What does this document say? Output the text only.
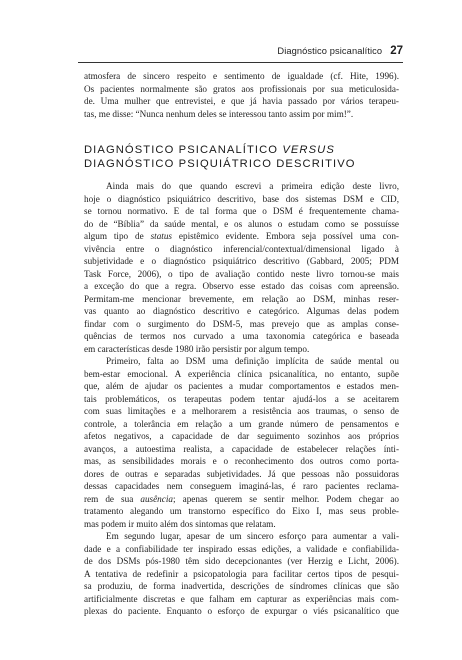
Diagnóstico psicanalítico 27
atmosfera de sincero respeito e sentimento de igualdade (cf. Hite, 1996).
Os pacientes normalmente são gratos aos profissionais por sua meticulosida-
de. Uma mulher que entrevistei, e que já havia passado por vários terapeu-
tas, me disse: “Nunca nenhum deles se interessou tanto assim por mim!”.
DIAGNÓSTICO PSICANALÍTICO VERSUS
DIAGNÓSTICO PSIQUIÁTRICO DESCRITIVO
Ainda mais do que quando escrevi a primeira edição deste livro,
hoje o diagnóstico psiquiátrico descritivo, base dos sistemas DSM e CID,
se tornou normativo. E de tal forma que o DSM é frequentemente chama-
do de “Bíblia” da saúde mental, e os alunos o estudam como se possuísse
algum tipo de status epistêmico evidente. Embora seja possível uma con-
vivência entre o diagnóstico inferencial/contextual/dimensional ligado à
subjetividade e o diagnóstico psiquiátrico descritivo (Gabbard, 2005; PDM
Task Force, 2006), o tipo de avaliação contido neste livro tornou-se mais
a exceção do que a regra. Observo esse estado das coisas com apreensão.
Permitam-me mencionar brevemente, em relação ao DSM, minhas reser-
vas quanto ao diagnóstico descritivo e categórico. Algumas delas podem
findar com o surgimento do DSM-5, mas prevejo que as amplas conse-
quências de termos nos curvado a uma taxonomia categórica e baseada
em características desde 1980 irão persistir por algum tempo.
Primeiro, falta ao DSM uma definição implícita de saúde mental ou
bem-estar emocional. A experiência clínica psicanalítica, no entanto, supõe
que, além de ajudar os pacientes a mudar comportamentos e estados men-
tais problemáticos, os terapeutas podem tentar ajudá-los a se aceitarem
com suas limitações e a melhorarem a resistência aos traumas, o senso de
controle, a tolerância em relação a um grande número de pensamentos e
afetos negativos, a capacidade de dar seguimento sozinhos aos próprios
avanços, a autoestima realista, a capacidade de estabelecer relações ínti-
mas, as sensibilidades morais e o reconhecimento dos outros como porta-
dores de outras e separadas subjetividades. Já que pessoas não possuidoras
dessas capacidades nem conseguem imaginá-las, é raro pacientes reclama-
rem de sua ausência; apenas querem se sentir melhor. Podem chegar ao
tratamento alegando um transtorno específico do Eixo I, mas seus proble-
mas podem ir muito além dos sintomas que relatam.
Em segundo lugar, apesar de um sincero esforço para aumentar a vali-
dade e a confiabilidade ter inspirado essas edições, a validade e confiabilida-
de dos DSMs pós-1980 têm sido decepcionantes (ver Herzig e Licht, 2006).
A tentativa de redefinir a psicopatologia para facilitar certos tipos de pesqui-
sa produziu, de forma inadvertida, descrições de síndromes clínicas que são
artificialmente discretas e que falham em capturar as experiências mais com-
plexas do paciente. Enquanto o esforço de expurgar o viés psicanalítico que
